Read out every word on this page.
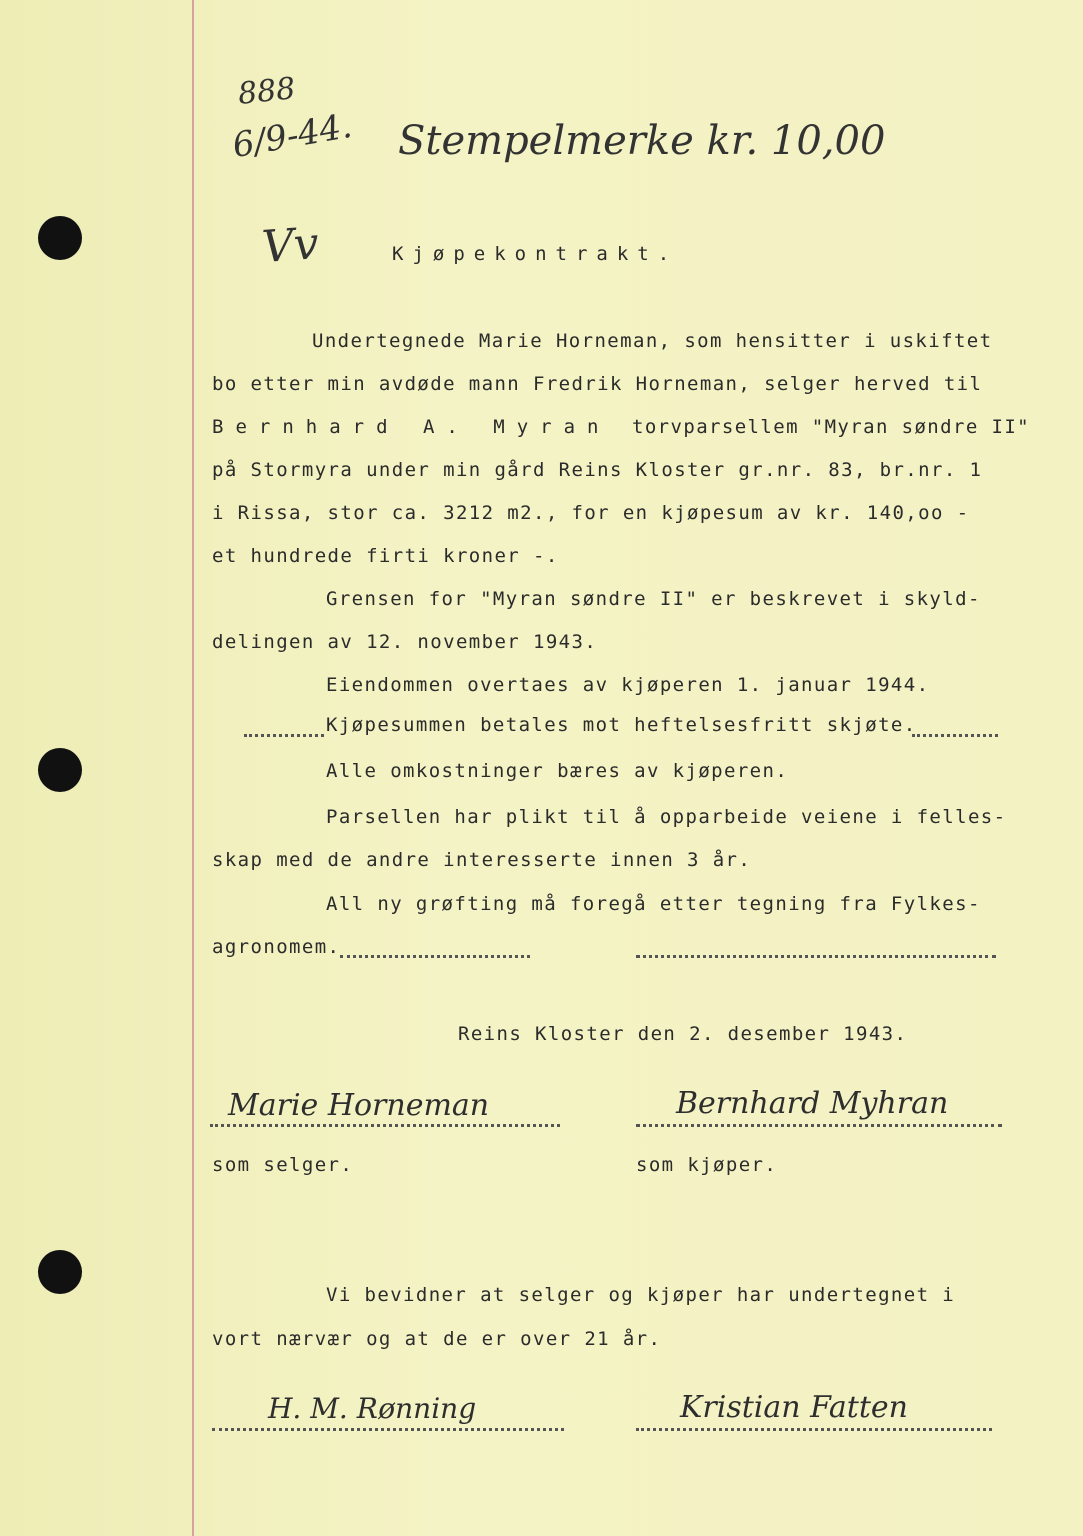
888
6/9-44. Stempelmerke kr. 10,00
Vv	Kjøpekontrakt.
Undertegnede Marie Horneman, som hensitter i uskiftet
bo etter min avdøde mann Fredrik Horneman, selger herved til
Bernhard A. Myran torvparsellem "Myran søndre II"
på Stormyra under min gård Reins Kloster gr.nr. 83, br.nr. 1
i Rissa, stor ca. 3212 m2., for en kjøpesum av kr. 140,oo -
et hundrede firti kroner -.
Grensen for "Myran søndre II" er beskrevet i skyld-
delingen av 12. november 1943.
Eiendommen overtaes av kjøperen 1. januar 1944.
Kjøpesummen betales mot heftelsesfritt skjøte.
Alle omkostninger bæres av kjøperen.
Parsellen har plikt til å opparbeide veiene i felles-
skap med de andre interesserte innen 3 år.
All ny grøfting må foregå etter tegning fra Fylkes-
agronomem.
Reins Kloster den 2. desember 1943.
Marie Horneman
som selger.
Bernhard Myhran
som kjøper.
Vi bevidner at selger og kjøper har undertegnet i
vort nærvær og at de er over 21 år.
H. M. Rønning	Kristian Fatten
